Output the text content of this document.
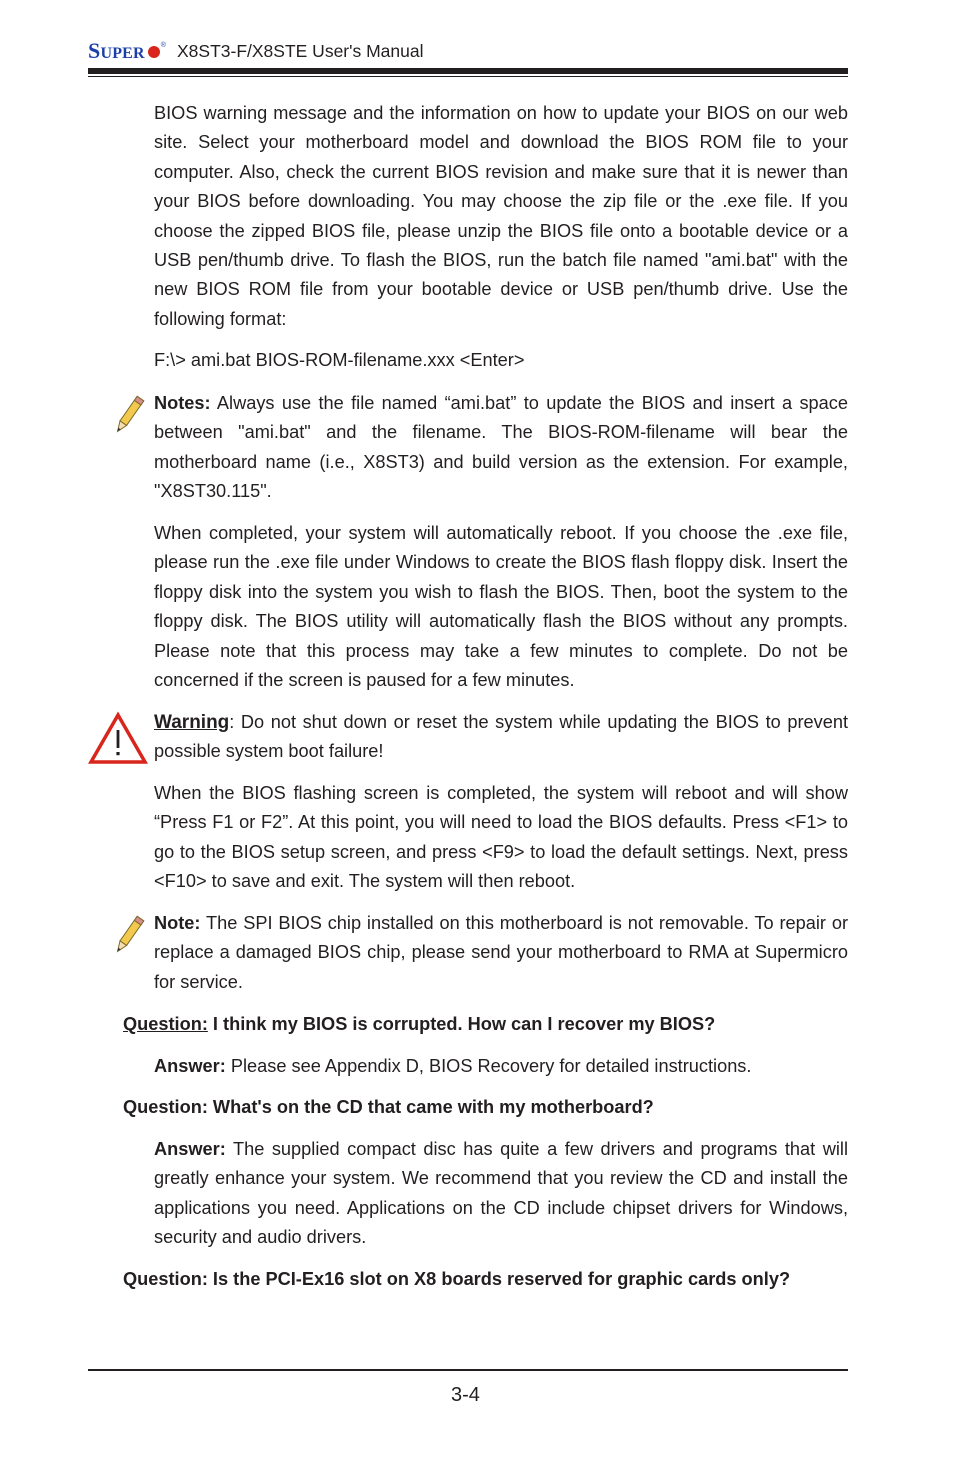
SUPER ® X8ST3-F/X8STE User's Manual
BIOS warning message and the information on how to update your BIOS on our web site. Select your motherboard model and download the BIOS ROM file to your computer. Also, check the current BIOS revision and make sure that it is newer than your BIOS before downloading. You may choose the zip file or the .exe file. If you choose the zipped BIOS file, please unzip the BIOS file onto a bootable device or a USB pen/thumb drive. To flash the BIOS, run the batch file named "ami.bat" with the new BIOS ROM file from your bootable device or USB pen/thumb drive. Use the following format:
F:\> ami.bat BIOS-ROM-filename.xxx <Enter>
Notes: Always use the file named “ami.bat” to update the BIOS and insert a space between "ami.bat" and the filename. The BIOS-ROM-filename will bear the motherboard name (i.e., X8ST3) and build version as the extension. For example, "X8ST30.115".
When completed, your system will automatically reboot. If you choose the .exe file, please run the .exe file under Windows to create the BIOS flash floppy disk. Insert the floppy disk into the system you wish to flash the BIOS. Then, boot the system to the floppy disk. The BIOS utility will automatically flash the BIOS without any prompts. Please note that this process may take a few minutes to complete. Do not be concerned if the screen is paused for a few minutes.
Warning: Do not shut down or reset the system while updating the BIOS to prevent possible system boot failure!
When the BIOS flashing screen is completed, the system will reboot and will show “Press F1 or F2”. At this point, you will need to load the BIOS defaults. Press <F1> to go to the BIOS setup screen, and press <F9> to load the default settings. Next, press <F10> to save and exit. The system will then reboot.
Note: The SPI BIOS chip installed on this motherboard is not removable. To repair or replace a damaged BIOS chip, please send your motherboard to RMA at Supermicro for service.
Question: I think my BIOS is corrupted. How can I recover my BIOS?
Answer: Please see Appendix D, BIOS Recovery for detailed instructions.
Question: What's on the CD that came with my motherboard?
Answer: The supplied compact disc has quite a few drivers and programs that will greatly enhance your system. We recommend that you review the CD and install the applications you need. Applications on the CD include chipset drivers for Windows, security and audio drivers.
Question: Is the PCI-Ex16 slot on X8 boards reserved for graphic cards only?
3-4
